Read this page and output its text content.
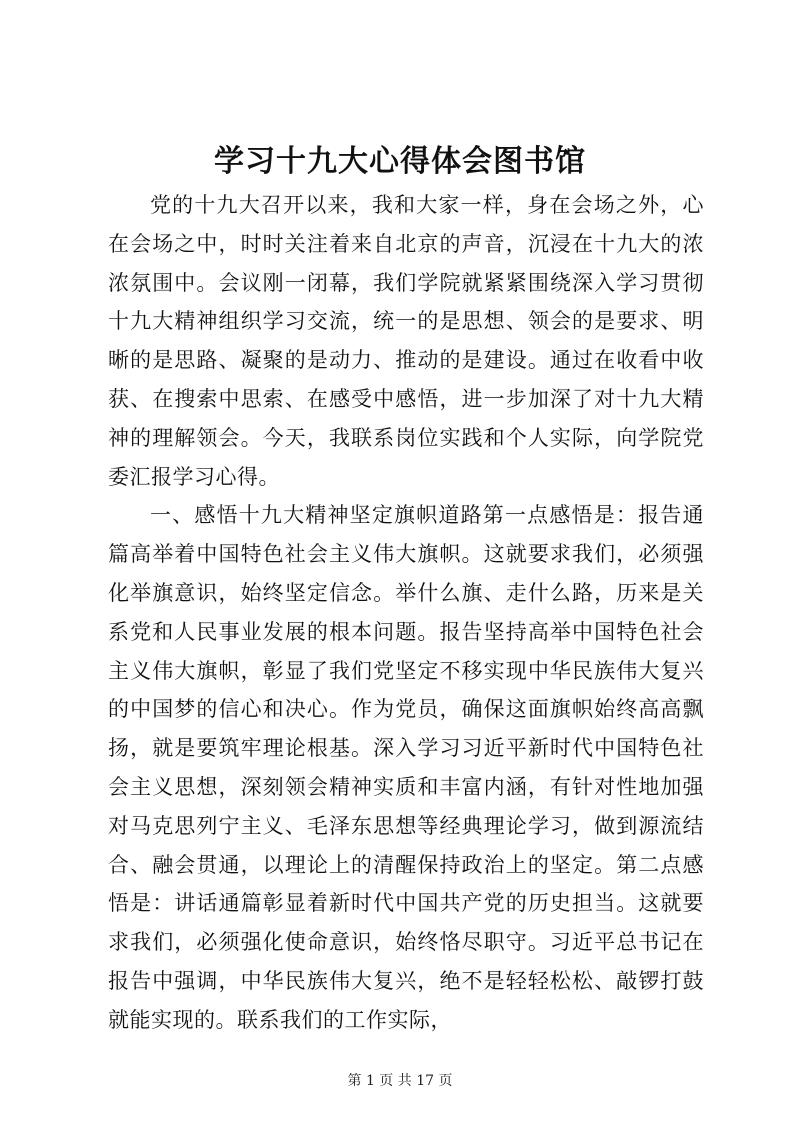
学习十九大心得体会图书馆

党的十九大召开以来，我和大家一样，身在会场之外，心在会场之中，时时关注着来自北京的声音，沉浸在十九大的浓浓氛围中。会议刚一闭幕，我们学院就紧紧围绕深入学习贯彻十九大精神组织学习交流，统一的是思想、领会的是要求、明晰的是思路、凝聚的是动力、推动的是建设。通过在收看中收获、在搜索中思索、在感受中感悟，进一步加深了对十九大精神的理解领会。今天，我联系岗位实践和个人实际，向学院党委汇报学习心得。

一、感悟十九大精神坚定旗帜道路第一点感悟是：报告通篇高举着中国特色社会主义伟大旗帜。这就要求我们，必须强化举旗意识，始终坚定信念。举什么旗、走什么路，历来是关系党和人民事业发展的根本问题。报告坚持高举中国特色社会主义伟大旗帜，彰显了我们党坚定不移实现中华民族伟大复兴的中国梦的信心和决心。作为党员，确保这面旗帜始终高高飘扬，就是要筑牢理论根基。深入学习习近平新时代中国特色社会主义思想，深刻领会精神实质和丰富内涵，有针对性地加强对马克思列宁主义、毛泽东思想等经典理论学习，做到源流结合、融会贯通，以理论上的清醒保持政治上的坚定。第二点感悟是：讲话通篇彰显着新时代中国共产党的历史担当。这就要求我们，必须强化使命意识，始终恪尽职守。习近平总书记在报告中强调，中华民族伟大复兴，绝不是轻轻松松、敲锣打鼓就能实现的。联系我们的工作实际，

第 1 页 共 17 页
